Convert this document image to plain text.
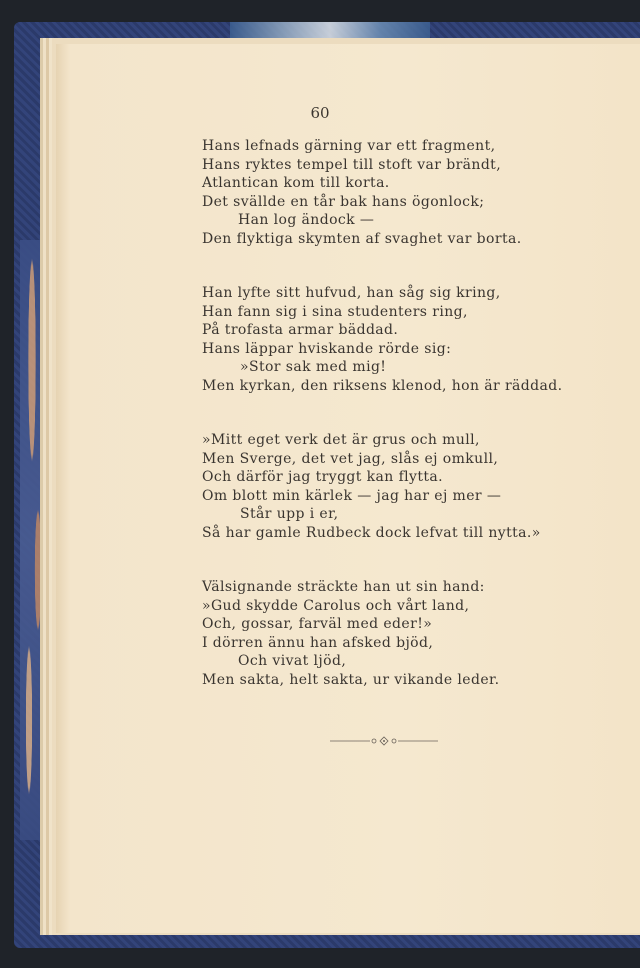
60
Hans lefnads gärning var ett fragment,
Hans ryktes tempel till stoft var brändt,
Atlantican kom till korta.
Det svällde en tår bak hans ögonlock;
Han log ändock —
Den flyktiga skymten af svaghet var borta.
Han lyfte sitt hufvud, han såg sig kring,
Han fann sig i sina studenters ring,
På trofasta armar bäddad.
Hans läppar hviskande rörde sig:
»Stor sak med mig!
Men kyrkan, den riksens klenod, hon är räddad.
»Mitt eget verk det är grus och mull,
Men Sverge, det vet jag, slås ej omkull,
Och därför jag tryggt kan flytta.
Om blott min kärlek — jag har ej mer —
Står upp i er,
Så har gamle Rudbeck dock lefvat till nytta.»
Välsignande sträckte han ut sin hand:
»Gud skydde Carolus och vårt land,
Och, gossar, farväl med eder!»
I dörren ännu han afsked bjöd,
Och vivat ljöd,
Men sakta, helt sakta, ur vikande leder.
